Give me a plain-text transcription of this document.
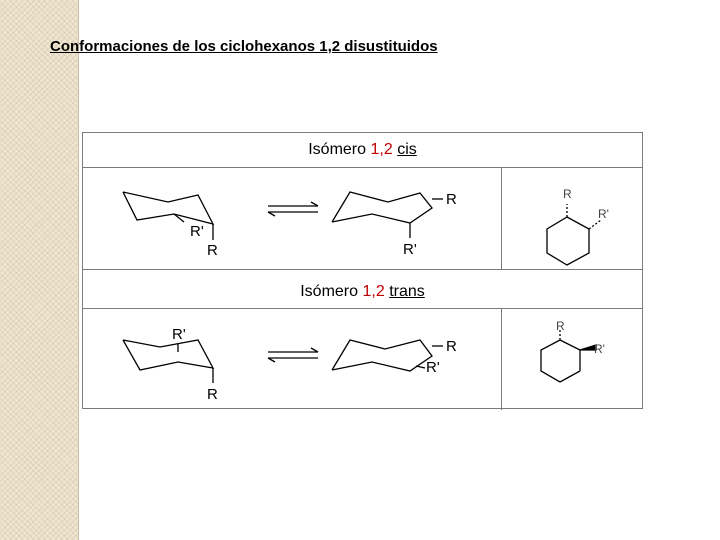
Conformaciones de los ciclohexanos 1,2 disustituidos
Isómero 1,2 cis
Isómero 1,2 trans
R'
R
R
R'
R
R'
R'
R
R
R'
R
R'
